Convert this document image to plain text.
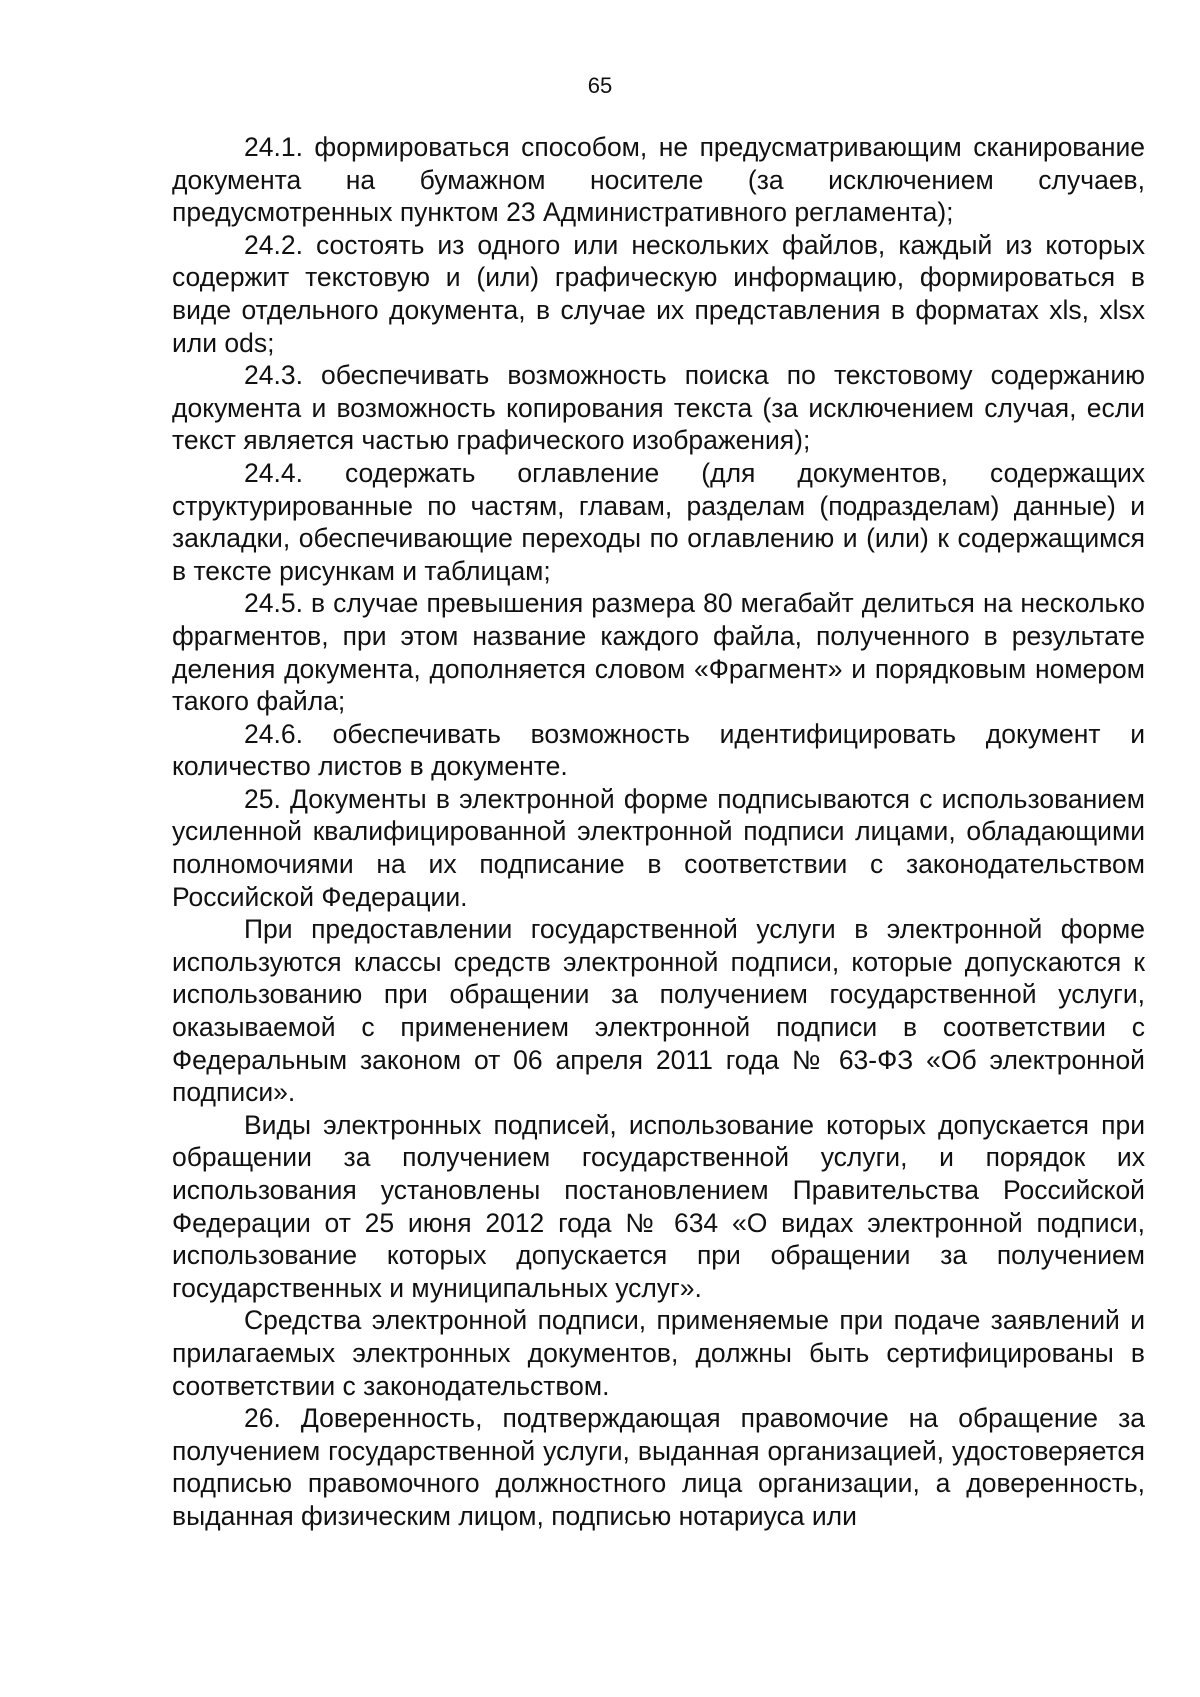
65

24.1. формироваться способом, не предусматривающим сканирование документа на бумажном носителе (за исключением случаев, предусмотренных пунктом 23 Административного регламента);

24.2. состоять из одного или нескольких файлов, каждый из которых содержит текстовую и (или) графическую информацию, формироваться в виде отдельного документа, в случае их представления в форматах xls, xlsx или ods;

24.3. обеспечивать возможность поиска по текстовому содержанию документа и возможность копирования текста (за исключением случая, если текст является частью графического изображения);

24.4. содержать оглавление (для документов, содержащих структурированные по частям, главам, разделам (подразделам) данные) и закладки, обеспечивающие переходы по оглавлению и (или) к содержащимся в тексте рисункам и таблицам;

24.5. в случае превышения размера 80 мегабайт делиться на несколько фрагментов, при этом название каждого файла, полученного в результате деления документа, дополняется словом «Фрагмент» и порядковым номером такого файла;

24.6. обеспечивать возможность идентифицировать документ и количество листов в документе.

25. Документы в электронной форме подписываются с использованием усиленной квалифицированной электронной подписи лицами, обладающими полномочиями на их подписание в соответствии с законодательством Российской Федерации.

При предоставлении государственной услуги в электронной форме используются классы средств электронной подписи, которые допускаются к использованию при обращении за получением государственной услуги, оказываемой с применением электронной подписи в соответствии с Федеральным законом от 06 апреля 2011 года № 63-ФЗ «Об электронной подписи».

Виды электронных подписей, использование которых допускается при обращении за получением государственной услуги, и порядок их использования установлены постановлением Правительства Российской Федерации от 25 июня 2012 года № 634 «О видах электронной подписи, использование которых допускается при обращении за получением государственных и муниципальных услуг».

Средства электронной подписи, применяемые при подаче заявлений и прилагаемых электронных документов, должны быть сертифицированы в соответствии с законодательством.

26. Доверенность, подтверждающая правомочие на обращение за получением государственной услуги, выданная организацией, удостоверяется подписью правомочного должностного лица организации, а доверенность, выданная физическим лицом, подписью нотариуса или
